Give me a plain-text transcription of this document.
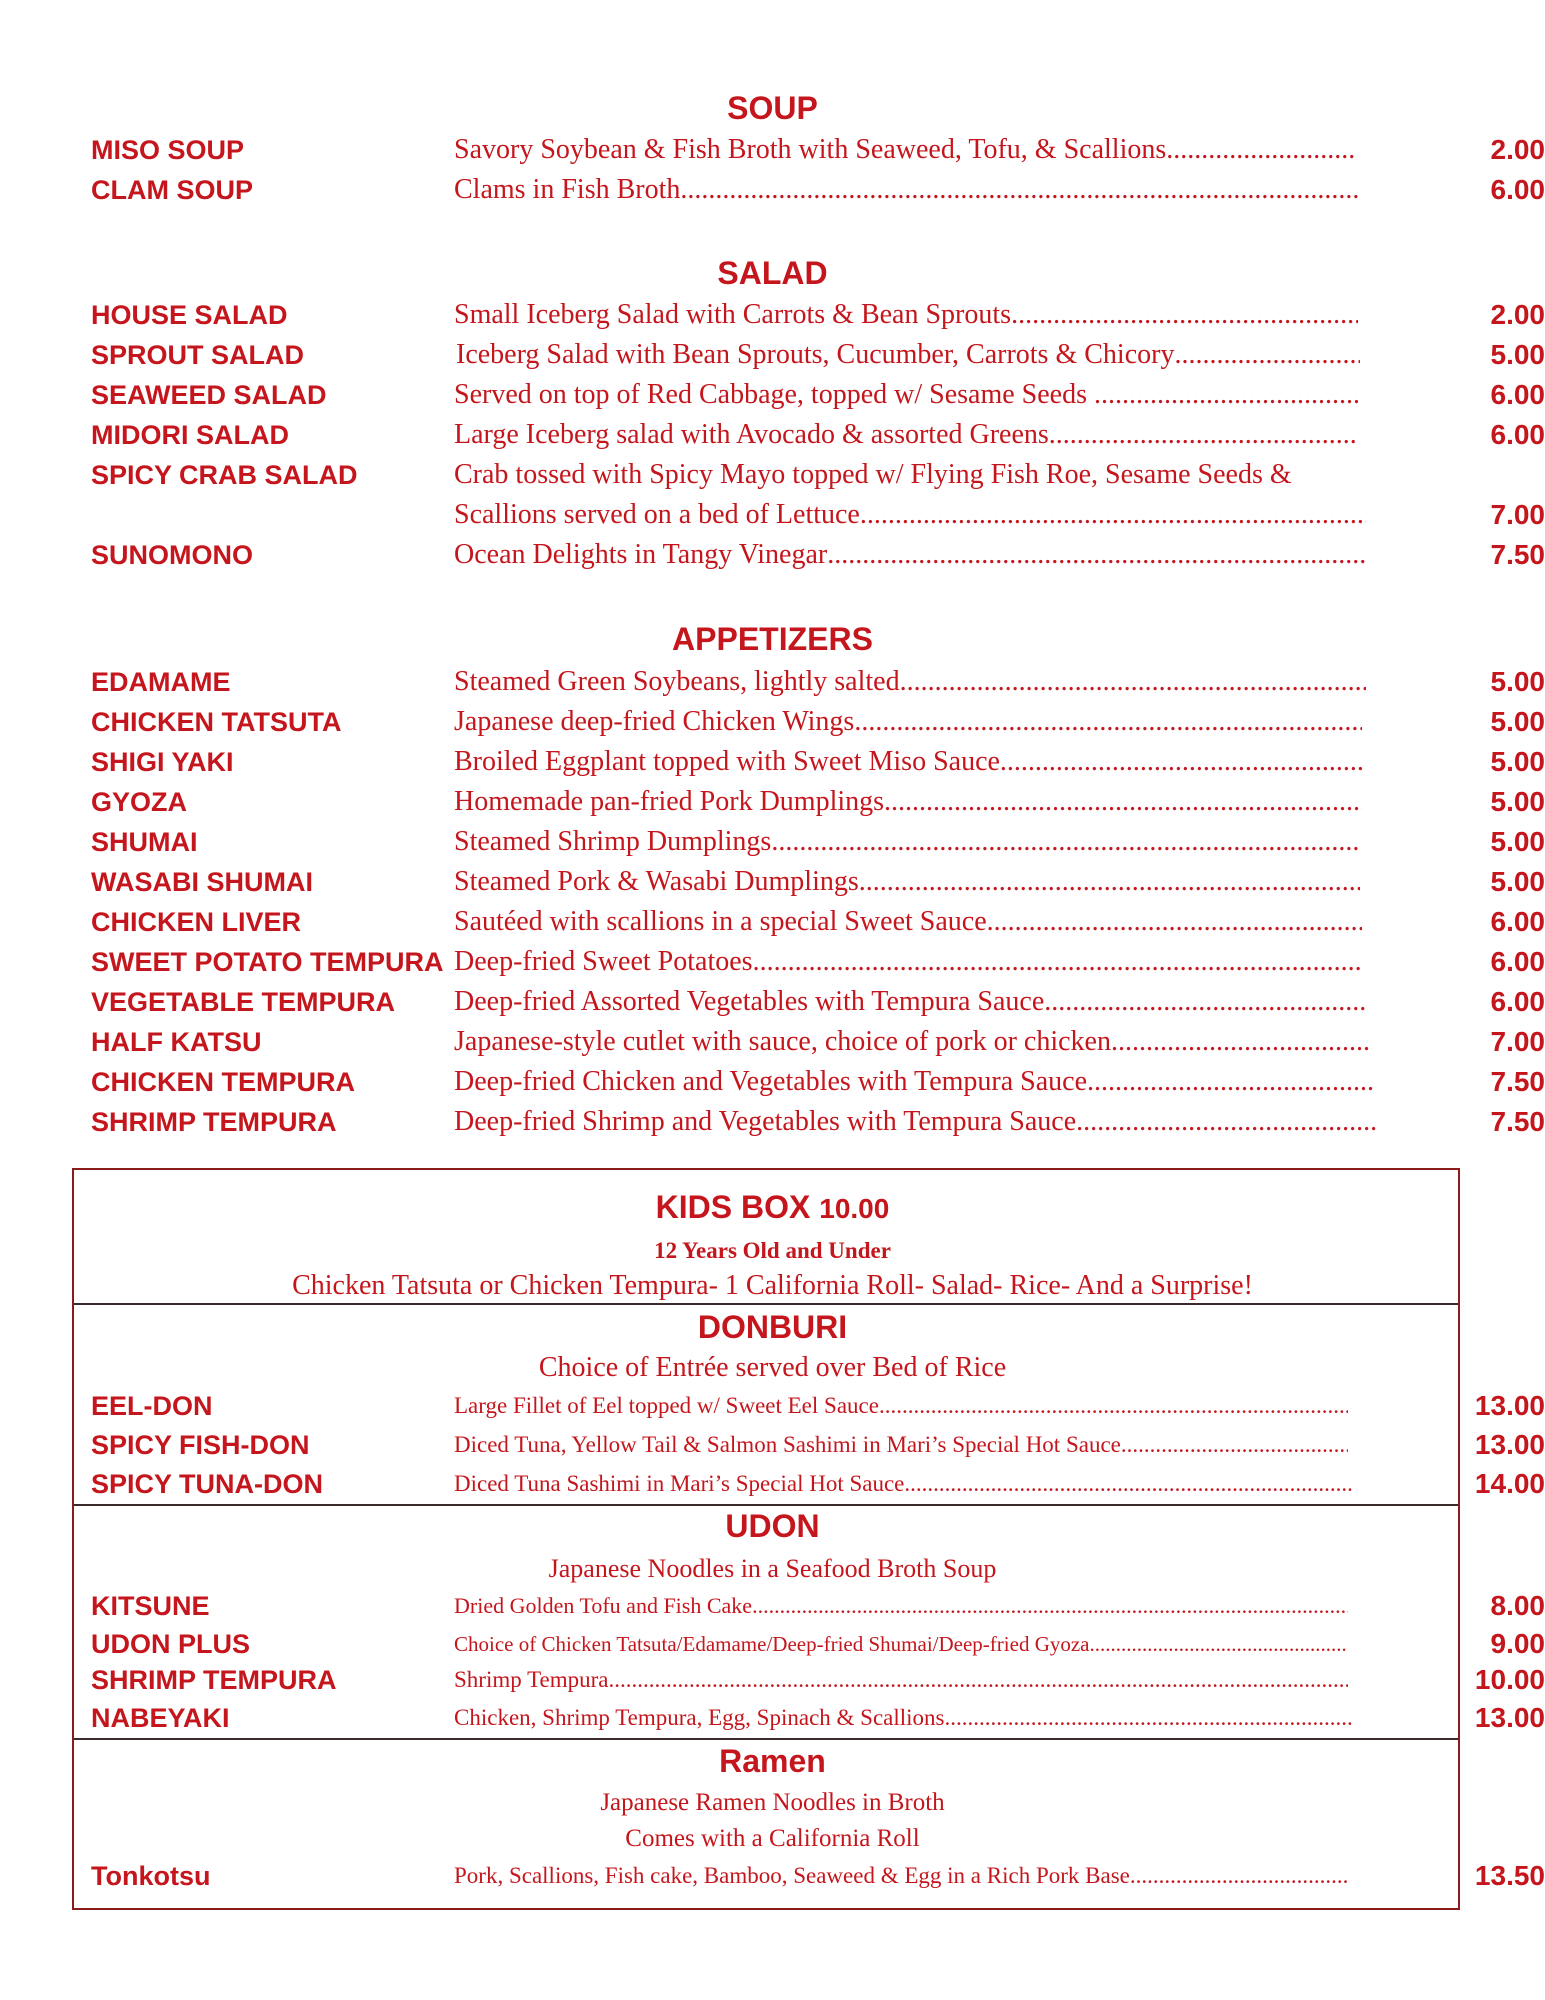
SOUP
MISO SOUP	Savory Soybean & Fish Broth with Seaweed, Tofu, & Scallions .....	2.00
CLAM SOUP	Clams in Fish Broth .....	6.00
SALAD
HOUSE SALAD	Small Iceberg Salad with Carrots & Bean Sprouts .....	2.00
SPROUT SALAD	Iceberg Salad with Bean Sprouts, Cucumber, Carrots & Chicory .....	5.00
SEAWEED SALAD	Served on top of Red Cabbage, topped w/ Sesame Seeds .....	6.00
MIDORI SALAD	Large Iceberg salad with Avocado & assorted Greens .....	6.00
SPICY CRAB SALAD	Crab tossed with Spicy Mayo topped w/ Flying Fish Roe, Sesame Seeds &
Scallions served on a bed of Lettuce .....	7.00
SUNOMONO	Ocean Delights in Tangy Vinegar .....	7.50
APPETIZERS
EDAMAME	Steamed Green Soybeans, lightly salted .....	5.00
CHICKEN TATSUTA	Japanese deep-fried Chicken Wings .....	5.00
SHIGI YAKI	Broiled Eggplant topped with Sweet Miso Sauce .....	5.00
GYOZA	Homemade pan-fried Pork Dumplings .....	5.00
SHUMAI	Steamed Shrimp Dumplings .....	5.00
WASABI SHUMAI	Steamed Pork & Wasabi Dumplings .....	5.00
CHICKEN LIVER	Sautéed with scallions in a special Sweet Sauce .....	6.00
SWEET POTATO TEMPURA Deep-fried Sweet Potatoes .....	6.00
VEGETABLE TEMPURA Deep-fried Assorted Vegetables with Tempura Sauce .....	6.00
HALF KATSU	Japanese-style cutlet with sauce, choice of pork or chicken .....	7.00
CHICKEN TEMPURA	Deep-fried Chicken and Vegetables with Tempura Sauce .....	7.50
SHRIMP TEMPURA	Deep-fried Shrimp and Vegetables with Tempura Sauce .....	7.50
KIDS BOX 10.00
12 Years Old and Under
Chicken Tatsuta or Chicken Tempura- 1 California Roll- Salad- Rice- And a Surprise!
DONBURI
Choice of Entrée served over Bed of Rice
EEL-DON	Large Fillet of Eel topped w/ Sweet Eel Sauce .....	13.00
SPICY FISH-DON	Diced Tuna, Yellow Tail & Salmon Sashimi in Mari’s Special Hot Sauce .....	13.00
SPICY TUNA-DON	Diced Tuna Sashimi in Mari’s Special Hot Sauce .....	14.00
UDON
Japanese Noodles in a Seafood Broth Soup
KITSUNE	Dried Golden Tofu and Fish Cake .....	8.00
UDON PLUS	Choice of Chicken Tatsuta/Edamame/Deep-fried Shumai/Deep-fried Gyoza .....	9.00
SHRIMP TEMPURA	Shrimp Tempura .....	10.00
NABEYAKI	Chicken, Shrimp Tempura, Egg, Spinach & Scallions .....	13.00
Ramen
Japanese Ramen Noodles in Broth
Comes with a California Roll
Tonkotsu	Pork, Scallions, Fish cake, Bamboo, Seaweed & Egg in a Rich Pork Base .....	13.50
